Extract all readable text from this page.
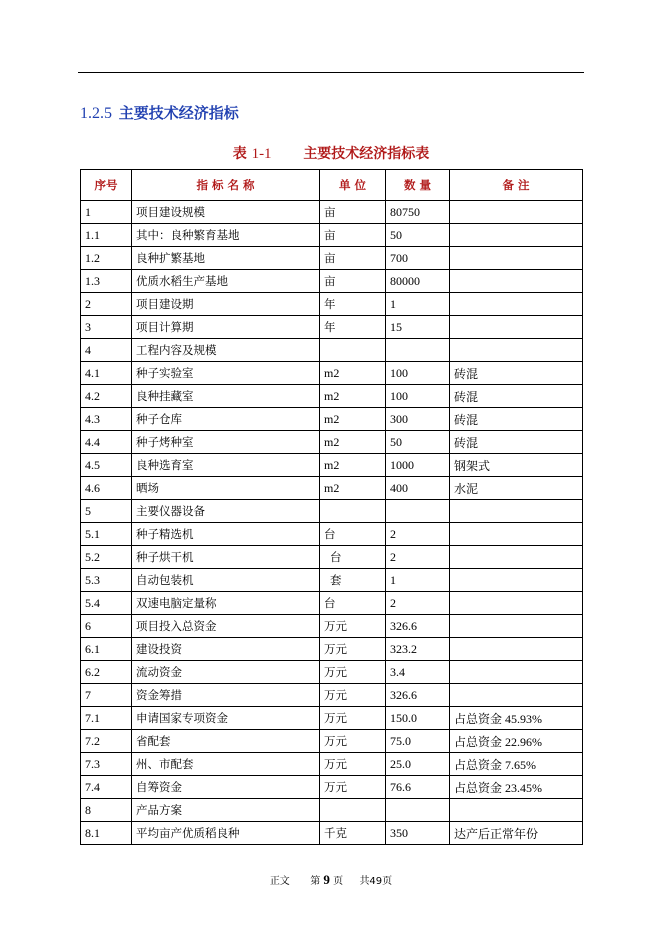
1.2.5 主要技术经济指标
表 1-1 主要技术经济指标表
序号	指 标 名 称	单 位	数 量	备 注
1	项目建设规模	亩	80750	
1.1	其中：良种繁育基地	亩	50	
1.2	良种扩繁基地	亩	700	
1.3	优质水稻生产基地	亩	80000	
2	项目建设期	年	1	
3	项目计算期	年	15	
4	工程内容及规模			
4.1	种子实验室	m2	100	砖混
4.2	良种挂藏室	m2	100	砖混
4.3	种子仓库	m2	300	砖混
4.4	种子烤种室	m2	50	砖混
4.5	良种选育室	m2	1000	钢架式
4.6	晒场	m2	400	水泥
5	主要仪器设备			
5.1	种子精选机	台	2	
5.2	种子烘干机	台	2	
5.3	自动包装机	套	1	
5.4	双速电脑定量称	台	2	
6	项目投入总资金	万元	326.6	
6.1	建设投资	万元	323.2	
6.2	流动资金	万元	3.4	
7	资金筹措	万元	326.6	
7.1	申请国家专项资金	万元	150.0	占总资金 45.93%
7.2	省配套	万元	75.0	占总资金 22.96%
7.3	州、市配套	万元	25.0	占总资金 7.65%
7.4	自筹资金	万元	76.6	占总资金 23.45%
8	产品方案			
8.1	平均亩产优质稻良种	千克	350	达产后正常年份
正文 第 9 页 共49页
